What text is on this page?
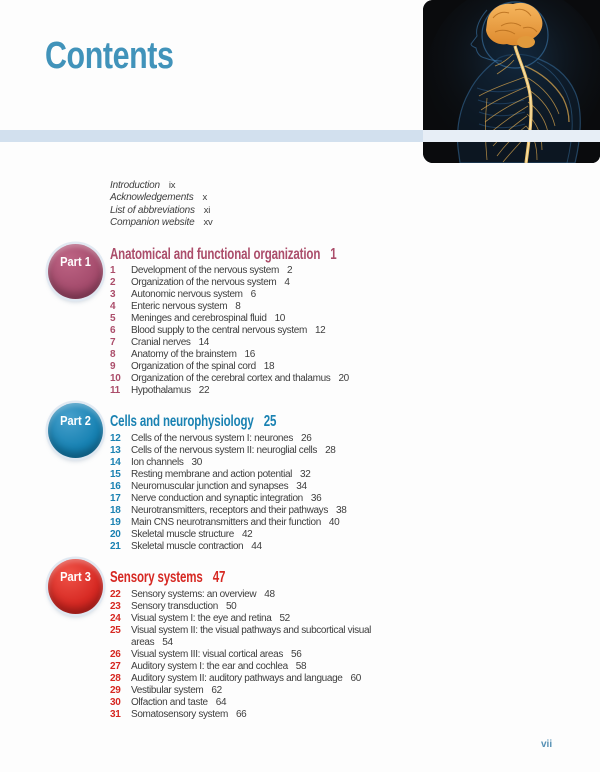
Contents
Introduction ix
Acknowledgements x
List of abbreviations xi
Companion website xv
Part 1	Anatomical and functional organization 1
1	Development of the nervous system 2
2	Organization of the nervous system 4
3	Autonomic nervous system 6
4	Enteric nervous system 8
5	Meninges and cerebrospinal fluid 10
6	Blood supply to the central nervous system 12
7	Cranial nerves 14
8	Anatomy of the brainstem 16
9	Organization of the spinal cord 18
10	Organization of the cerebral cortex and thalamus 20
11	Hypothalamus 22
Part 2	Cells and neurophysiology 25
12	Cells of the nervous system I: neurones 26
13	Cells of the nervous system II: neuroglial cells 28
14	Ion channels 30
15	Resting membrane and action potential 32
16	Neuromuscular junction and synapses 34
17	Nerve conduction and synaptic integration 36
18	Neurotransmitters, receptors and their pathways 38
19	Main CNS neurotransmitters and their function 40
20	Skeletal muscle structure 42
21	Skeletal muscle contraction 44
Part 3	Sensory systems 47
22	Sensory systems: an overview 48
23	Sensory transduction 50
24	Visual system I: the eye and retina 52
25	Visual system II: the visual pathways and subcortical visual areas 54
26	Visual system III: visual cortical areas 56
27	Auditory system I: the ear and cochlea 58
28	Auditory system II: auditory pathways and language 60
29	Vestibular system 62
30	Olfaction and taste 64
31	Somatosensory system 66
vii
